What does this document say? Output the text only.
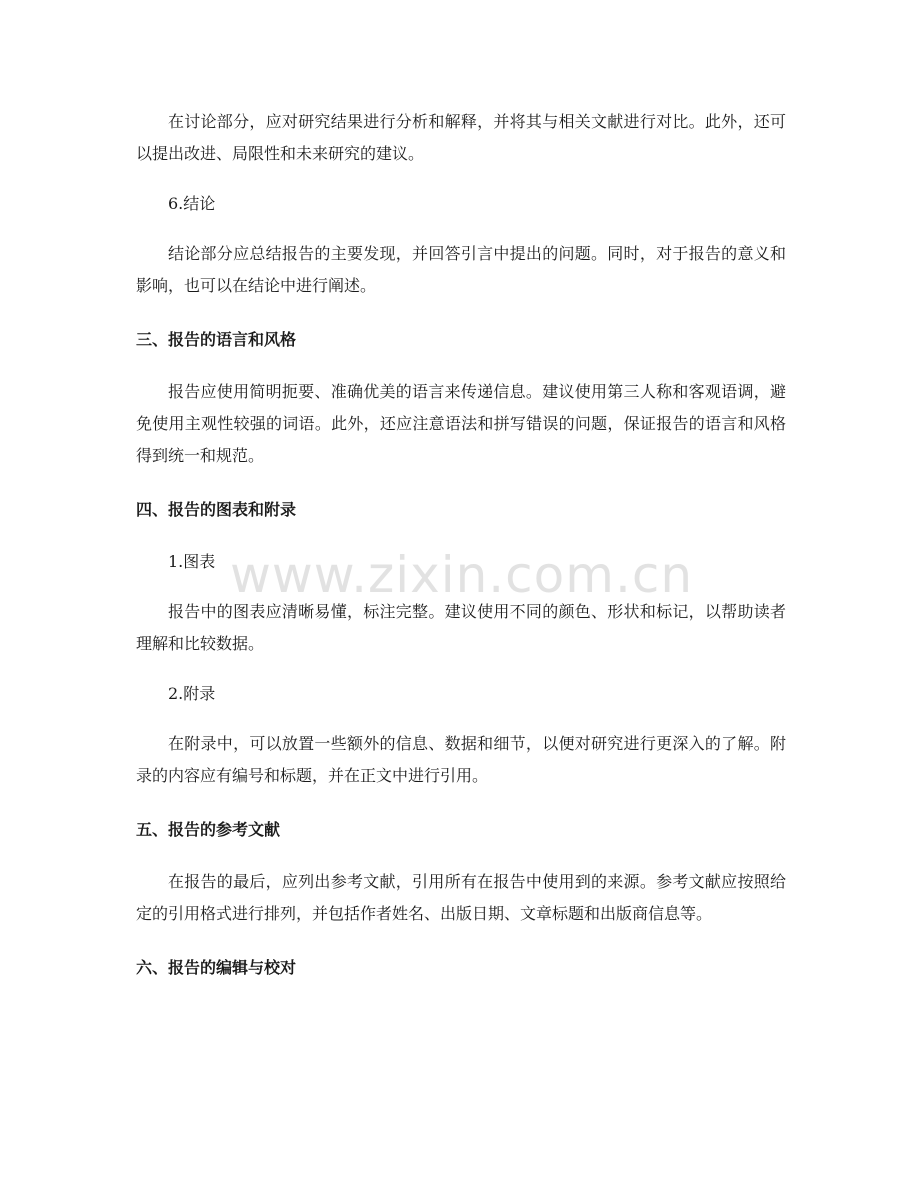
在讨论部分，应对研究结果进行分析和解释，并将其与相关文献进行对比。此外，还可以提出改进、局限性和未来研究的建议。

6.结论

结论部分应总结报告的主要发现，并回答引言中提出的问题。同时，对于报告的意义和影响，也可以在结论中进行阐述。

三、报告的语言和风格

报告应使用简明扼要、准确优美的语言来传递信息。建议使用第三人称和客观语调，避免使用主观性较强的词语。此外，还应注意语法和拼写错误的问题，保证报告的语言和风格得到统一和规范。

四、报告的图表和附录

1.图表

报告中的图表应清晰易懂，标注完整。建议使用不同的颜色、形状和标记，以帮助读者理解和比较数据。

2.附录

在附录中，可以放置一些额外的信息、数据和细节，以便对研究进行更深入的了解。附录的内容应有编号和标题，并在正文中进行引用。

五、报告的参考文献

在报告的最后，应列出参考文献，引用所有在报告中使用到的来源。参考文献应按照给定的引用格式进行排列，并包括作者姓名、出版日期、文章标题和出版商信息等。

六、报告的编辑与校对
www.zixin.com.cn
